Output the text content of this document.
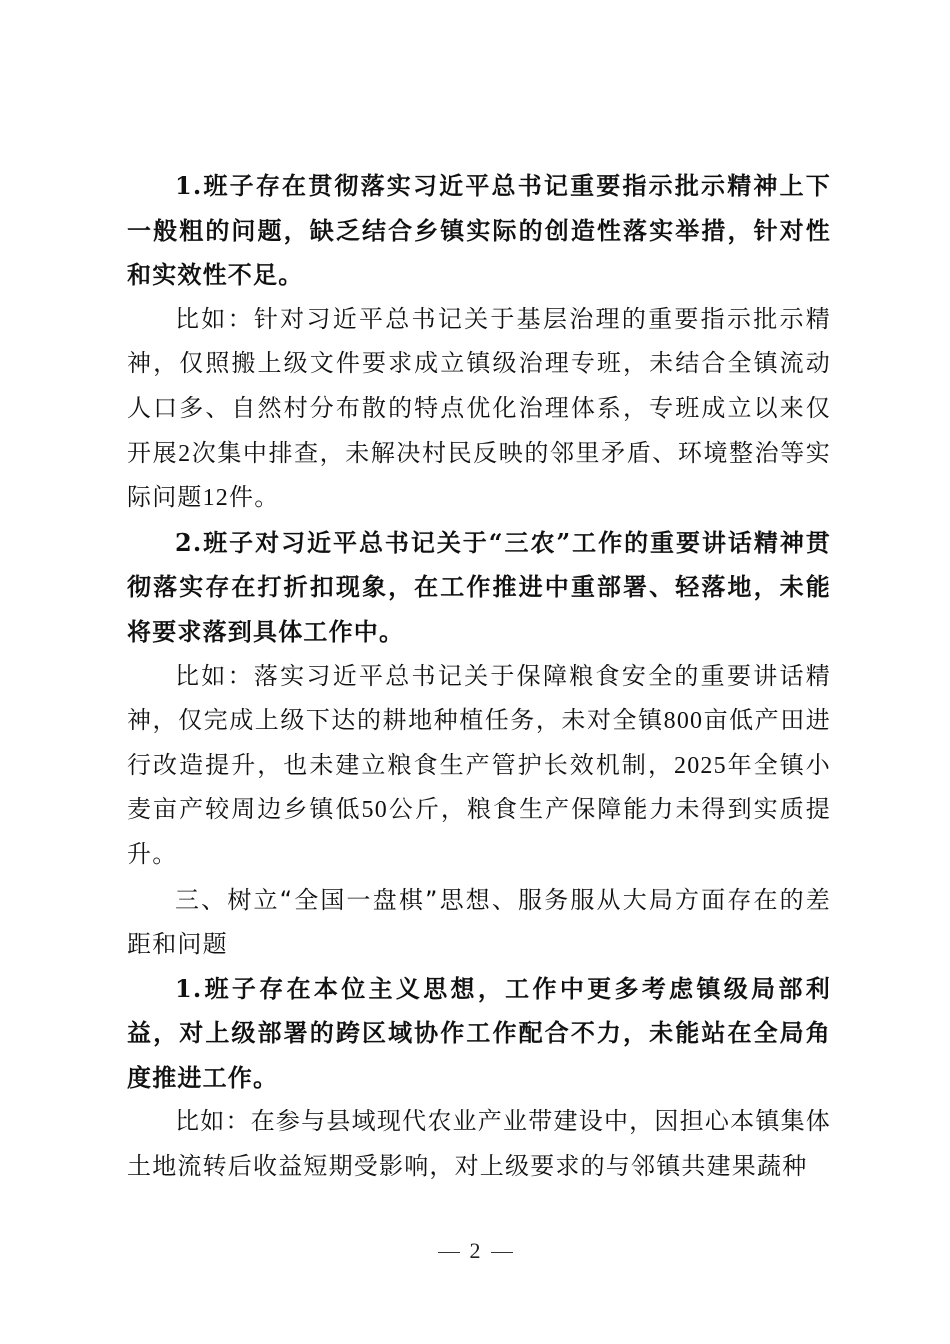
1.班子存在贯彻落实习近平总书记重要指示批示精神上下一般粗的问题，缺乏结合乡镇实际的创造性落实举措，针对性和实效性不足。

比如：针对习近平总书记关于基层治理的重要指示批示精神，仅照搬上级文件要求成立镇级治理专班，未结合全镇流动人口多、自然村分布散的特点优化治理体系，专班成立以来仅开展2次集中排查，未解决村民反映的邻里矛盾、环境整治等实际问题12件。

2.班子对习近平总书记关于“三农”工作的重要讲话精神贯彻落实存在打折扣现象，在工作推进中重部署、轻落地，未能将要求落到具体工作中。

比如：落实习近平总书记关于保障粮食安全的重要讲话精神，仅完成上级下达的耕地种植任务，未对全镇800亩低产田进行改造提升，也未建立粮食生产管护长效机制，2025年全镇小麦亩产较周边乡镇低50公斤，粮食生产保障能力未得到实质提升。

三、树立“全国一盘棋”思想、服务服从大局方面存在的差距和问题

1.班子存在本位主义思想，工作中更多考虑镇级局部利益，对上级部署的跨区域协作工作配合不力，未能站在全局角度推进工作。

比如：在参与县域现代农业产业带建设中，因担心本镇集体土地流转后收益短期受影响，对上级要求的与邻镇共建果蔬种

2
